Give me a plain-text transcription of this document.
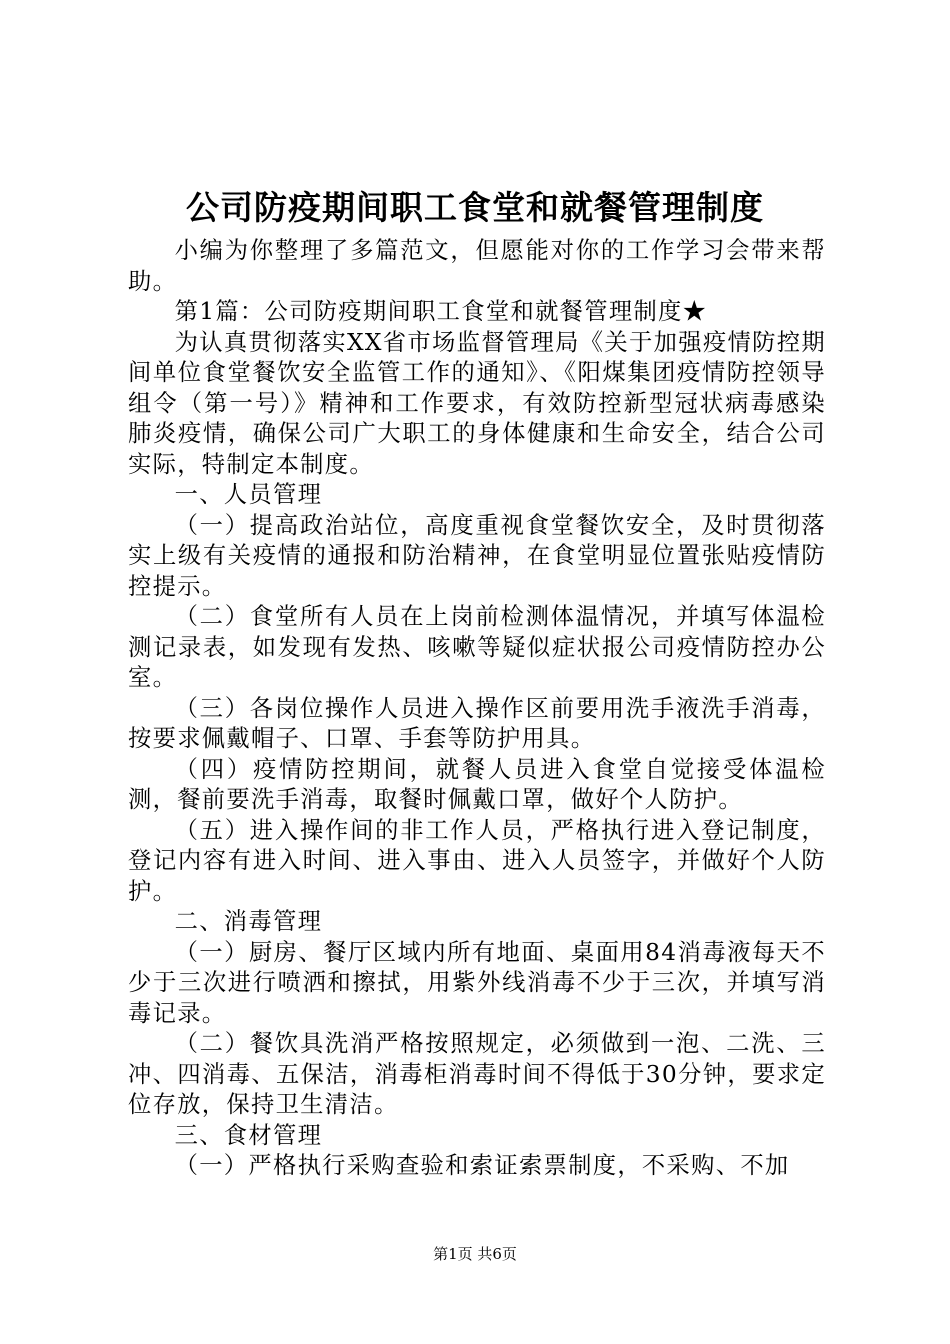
公司防疫期间职工食堂和就餐管理制度

小编为你整理了多篇范文，但愿能对你的工作学习会带来帮助。

第1篇：公司防疫期间职工食堂和就餐管理制度★

为认真贯彻落实XX省市场监督管理局《关于加强疫情防控期间单位食堂餐饮安全监管工作的通知》、《阳煤集团疫情防控领导组令（第一号）》精神和工作要求，有效防控新型冠状病毒感染肺炎疫情，确保公司广大职工的身体健康和生命安全，结合公司实际，特制定本制度。

一、人员管理

（一）提高政治站位，高度重视食堂餐饮安全，及时贯彻落实上级有关疫情的通报和防治精神，在食堂明显位置张贴疫情防控提示。

（二）食堂所有人员在上岗前检测体温情况，并填写体温检测记录表，如发现有发热、咳嗽等疑似症状报公司疫情防控办公室。

（三）各岗位操作人员进入操作区前要用洗手液洗手消毒，按要求佩戴帽子、口罩、手套等防护用具。

（四）疫情防控期间，就餐人员进入食堂自觉接受体温检测，餐前要洗手消毒，取餐时佩戴口罩，做好个人防护。

（五）进入操作间的非工作人员，严格执行进入登记制度，登记内容有进入时间、进入事由、进入人员签字，并做好个人防护。

二、消毒管理

（一）厨房、餐厅区域内所有地面、桌面用84消毒液每天不少于三次进行喷洒和擦拭，用紫外线消毒不少于三次，并填写消毒记录。

（二）餐饮具洗消严格按照规定，必须做到一泡、二洗、三冲、四消毒、五保洁，消毒柜消毒时间不得低于30分钟，要求定位存放，保持卫生清洁。

三、食材管理

（一）严格执行采购查验和索证索票制度，不采购、不加

第1页 共6页
